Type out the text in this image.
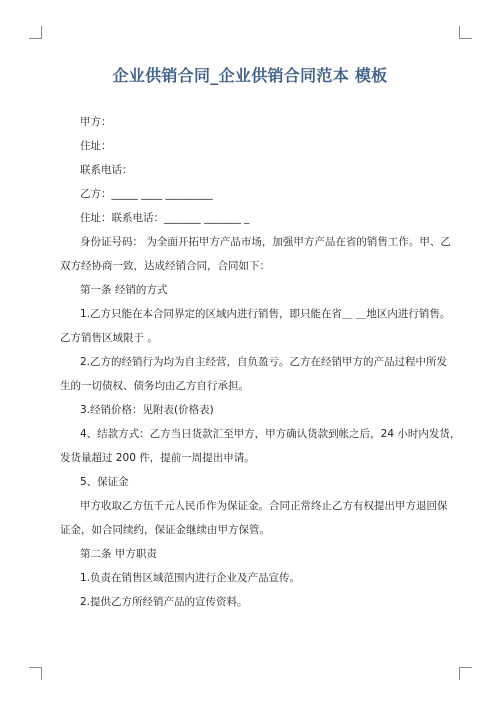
企业供销合同_企业供销合同范本 模板

甲方：

住址：

联系电话：

乙方：_____ ____ _________

住址：联系电话：_______ _______ _

身份证号码： 为全面开拓甲方产品市场，加强甲方产品在省的销售工作。甲、乙

双方经协商一致，达成经销合同，合同如下：

第一条 经销的方式

1.乙方只能在本合同界定的区域内进行销售，即只能在省＿ ＿地区内进行销售。

乙方销售区域限于 。

2.乙方的经销行为均为自主经营，自负盈亏。乙方在经销甲方的产品过程中所发

生的一切债权、债务均由乙方自行承担。

3.经销价格：见附表(价格表)

4、结款方式：乙方当日货款汇至甲方，甲方确认货款到帐之后，24 小时内发货，

发货量超过 200 件，提前一周提出申请。

5、保证金

甲方收取乙方伍千元人民币作为保证金。合同正常终止乙方有权提出甲方退回保

证金，如合同续约，保证金继续由甲方保管。

第二条 甲方职责

1.负责在销售区域范围内进行企业及产品宣传。

2.提供乙方所经销产品的宣传资料。
